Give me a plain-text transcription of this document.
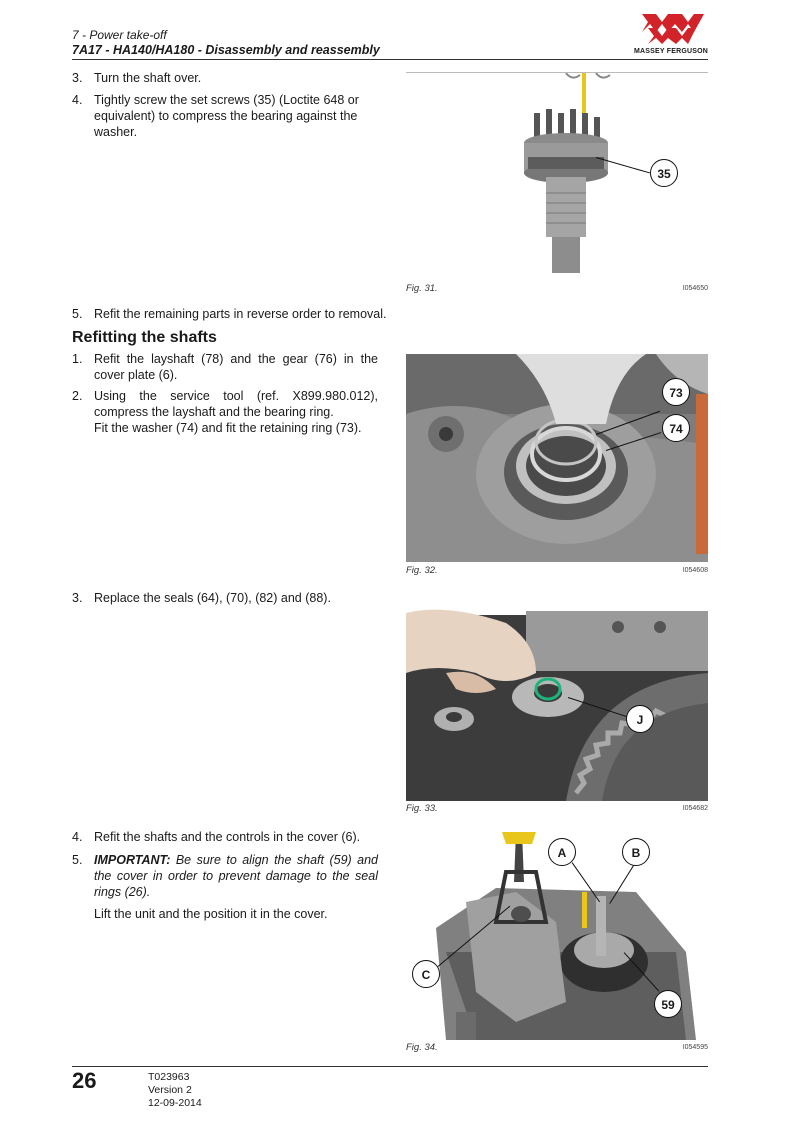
7 - Power take-off
7A17 - HA140/HA180 - Disassembly and reassembly	MASSEY FERGUSON
3. Turn the shaft over.
4. Tightly screw the set screws (35) (Loctite 648 or equivalent) to compress the bearing against the washer.
35
Fig. 31.	I054650
5. Refit the remaining parts in reverse order to removal.
Refitting the shafts
1. Refit the layshaft (78) and the gear (76) in the cover plate (6).
2. Using the service tool (ref. X899.980.012), compress the layshaft and the bearing ring.
Fit the washer (74) and fit the retaining ring (73).
73
74
Fig. 32.	I054608
3. Replace the seals (64), (70), (82) and (88).
J
Fig. 33.	I054682
4. Refit the shafts and the controls in the cover (6).
5. IMPORTANT: Be sure to align the shaft (59) and the cover in order to prevent damage to the seal rings (26).
Lift the unit and the position it in the cover.
A	B
C
59
Fig. 34.	I054595
26	T023963
Version 2
12-09-2014
